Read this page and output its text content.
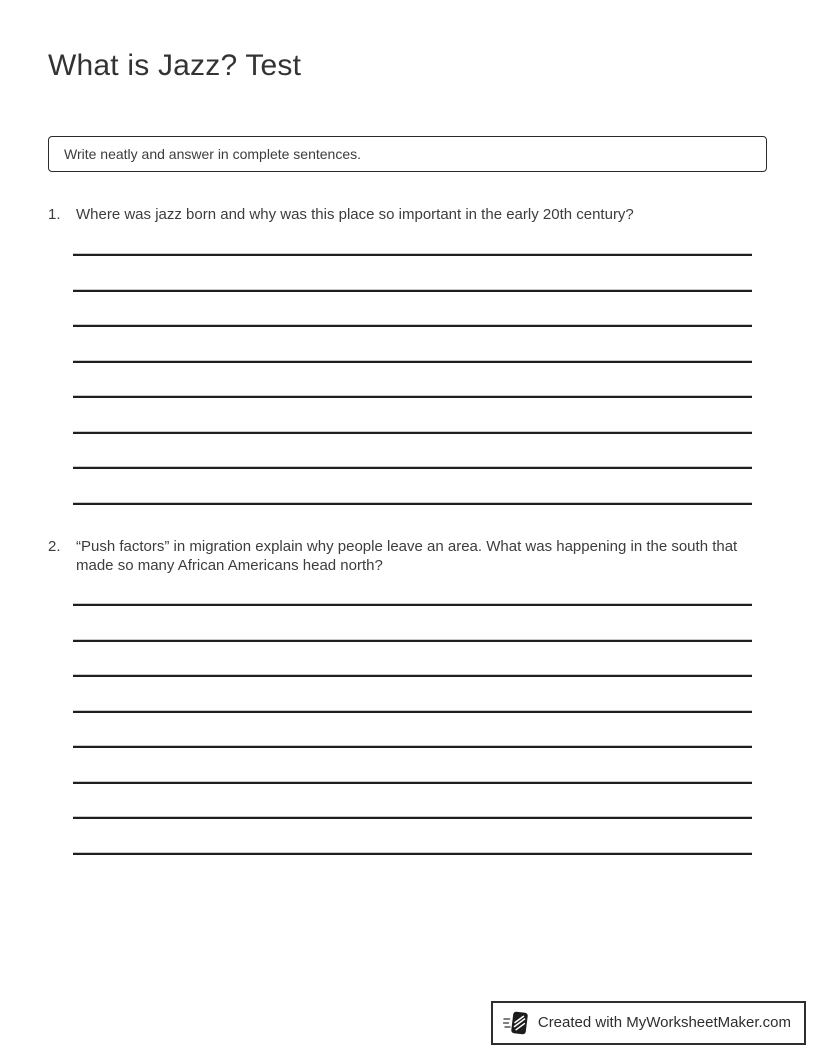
What is Jazz? Test
Write neatly and answer in complete sentences.
1.	Where was jazz born and why was this place so important in the early 20th century?
2.	“Push factors” in migration explain why people leave an area. What was happening in the south that made so many African Americans head north?
Created with MyWorksheetMaker.com
